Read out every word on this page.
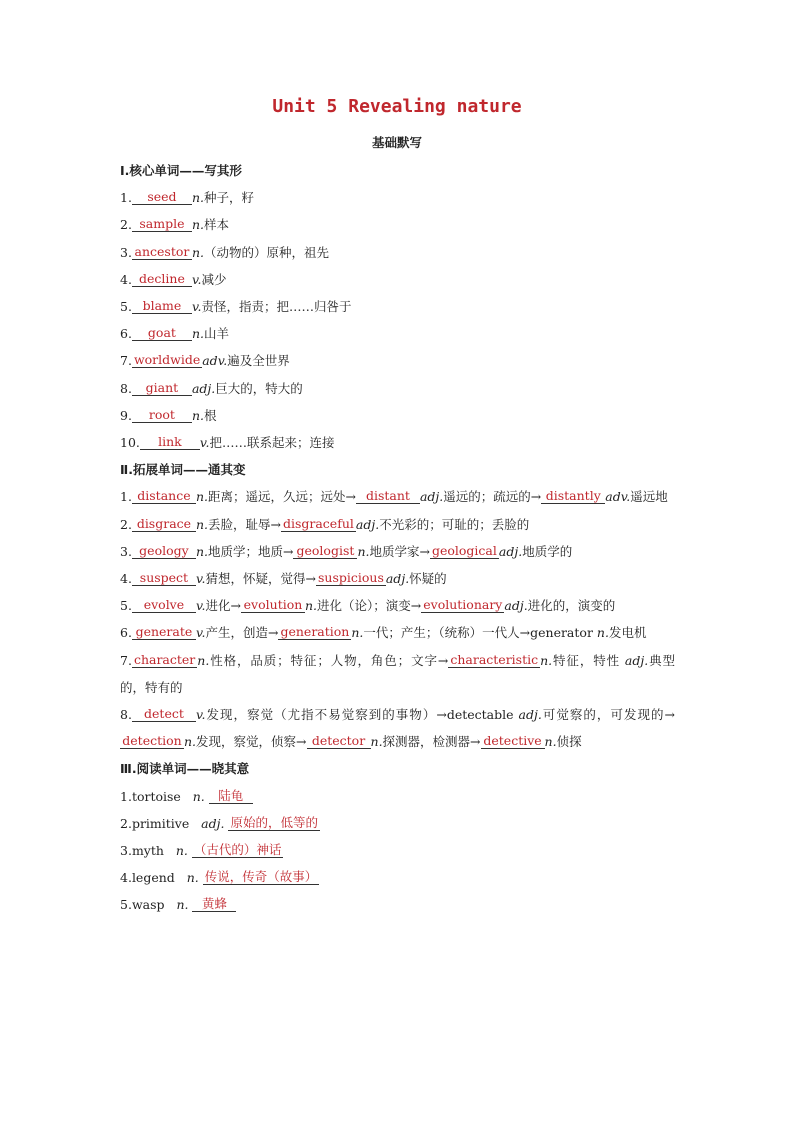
Unit 5 Revealing nature
基础默写
Ⅰ.核心单词——写其形
1. seed n.种子，籽
2. sample n.样本
3. ancestor n.（动物的）原种，祖先
4. decline v.减少
5. blame v.责怪，指责；把……归咎于
6. goat n.山羊
7. worldwide adv.遍及全世界
8. giant adj.巨大的，特大的
9. root n.根
10. link v.把……联系起来；连接
Ⅱ.拓展单词——通其变
1. distance n.距离；遥远，久远；远处→ distant adj.遥远的；疏远的→ distantly adv.遥远地
2. disgrace n.丢脸，耻辱→ disgraceful adj.不光彩的；可耻的；丢脸的
3. geology n.地质学；地质→ geologist n.地质学家→ geological adj.地质学的
4. suspect v.猜想，怀疑，觉得→ suspicious adj.怀疑的
5. evolve v.进化→ evolution n.进化（论）；演变→ evolutionary adj.进化的，演变的
6. generate v.产生，创造→ generation n.一代；产生；（统称）一代人→generator n.发电机
7. character n.性格，品质；特征；人物，角色；文字→ characteristic n.特征，特性 adj.典型的，特有的
8. detect v.发现，察觉（尤指不易觉察到的事物）→detectable adj.可觉察的，可发现的→detection n.发现，察觉，侦察→ detector n.探测器，检测器→ detective n.侦探
Ⅲ.阅读单词——晓其意
1.tortoise n. 陆龟
2.primitive adj. 原始的，低等的
3.myth n. （古代的）神话
4.legend n. 传说，传奇（故事）
5.wasp n. 黄蜂
